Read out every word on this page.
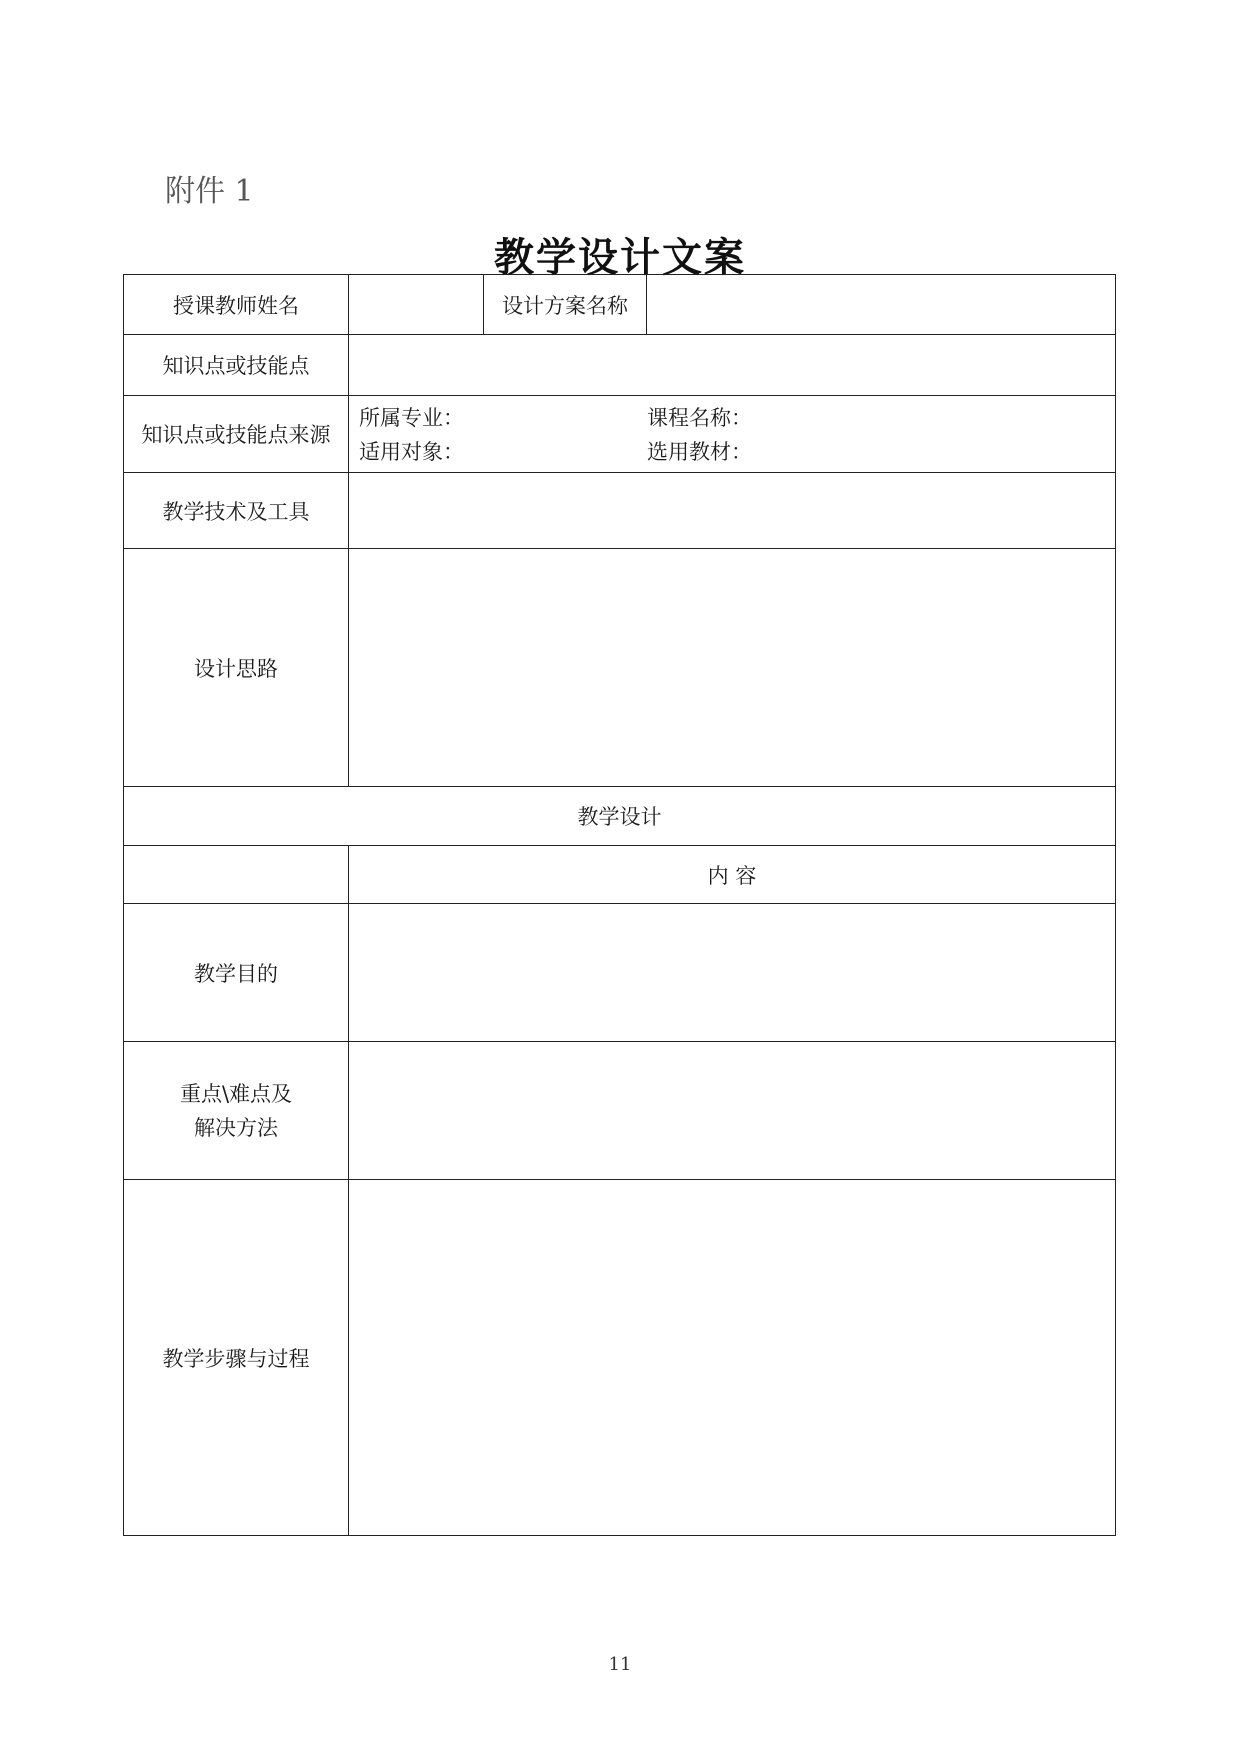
附件 1
教学设计文案
授课教师姓名		设计方案名称	
知识点或技能点			
知识点或技能点来源	所属专业： 课程名称：
适用对象： 选用教材：		

教学技术及工具			
设计思路			
教学设计			
	内 容		
教学目的			

重点\难点及
解决方法			

教学步骤与过程			
11
